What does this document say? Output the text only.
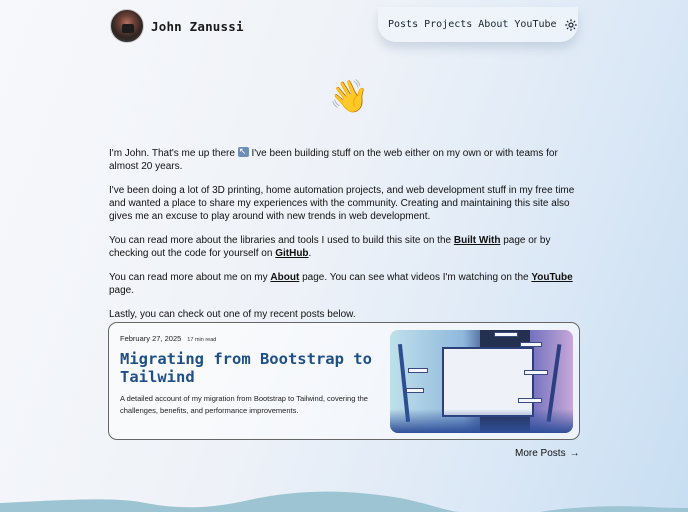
John Zanussi	Posts Projects About YouTube
👋

I'm John. That's me up there ↖ I've been building stuff on the web either on my own or with teams for almost 20 years.

I've been doing a lot of 3D printing, home automation projects, and web development stuff in my free time and wanted a place to share my experiences with the community. Creating and maintaining this site also gives me an excuse to play around with new trends in web development.

You can read more about the libraries and tools I used to build this site on the Built With page or by checking out the code for yourself on GitHub.

You can read more about me on my About page. You can see what videos I'm watching on the YouTube page.

Lastly, you can check out one of my recent posts below.

February 27, 2025 17 min read
Migrating from Bootstrap to Tailwind

A detailed account of my migration from Bootstrap to Tailwind, covering the challenges, benefits, and performance improvements.

More Posts →
